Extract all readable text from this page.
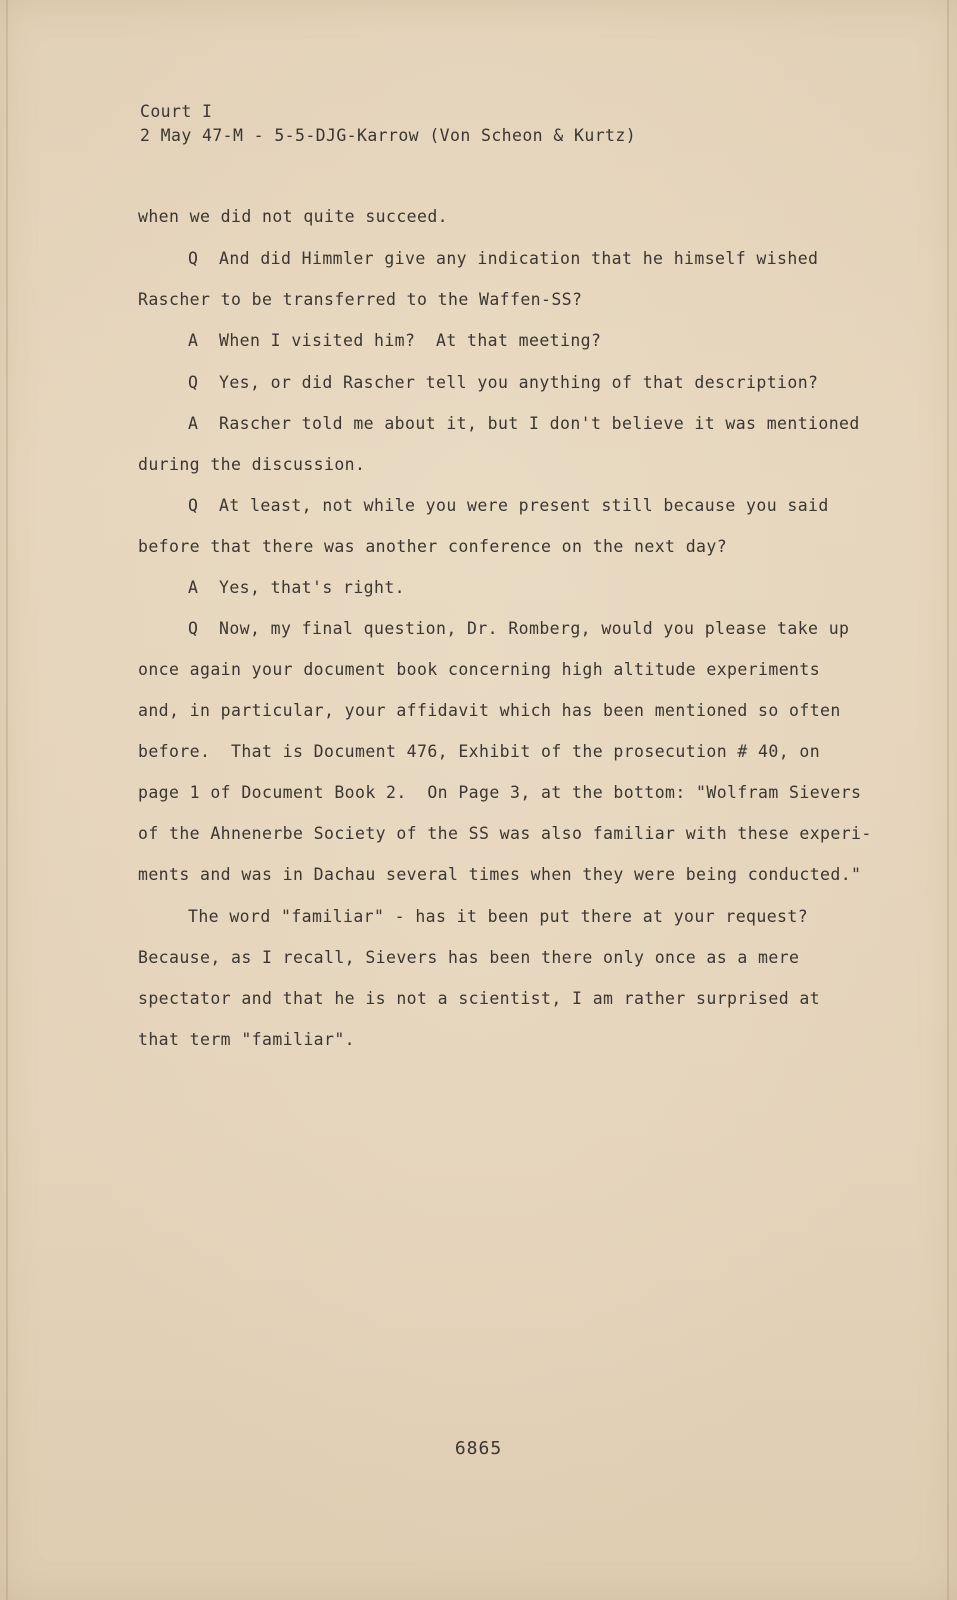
Court I
2 May 47-M - 5-5-DJG-Karrow (Von Scheon & Kurtz)
when we did not quite succeed.
Q  And did Himmler give any indication that he himself wished
Rascher to be transferred to the Waffen-SS?
A  When I visited him?  At that meeting?
Q  Yes, or did Rascher tell you anything of that description?
A  Rascher told me about it, but I don't believe it was mentioned
during the discussion.
Q  At least, not while you were present still because you said
before that there was another conference on the next day?
A  Yes, that's right.
Q  Now, my final question, Dr. Romberg, would you please take up
once again your document book concerning high altitude experiments
and, in particular, your affidavit which has been mentioned so often
before.  That is Document 476, Exhibit of the prosecution # 40, on
page 1 of Document Book 2.  On Page 3, at the bottom: "Wolfram Sievers
of the Ahnenerbe Society of the SS was also familiar with these experi-
ments and was in Dachau several times when they were being conducted."
The word "familiar" - has it been put there at your request?
Because, as I recall, Sievers has been there only once as a mere
spectator and that he is not a scientist, I am rather surprised at
that term "familiar".
6865
